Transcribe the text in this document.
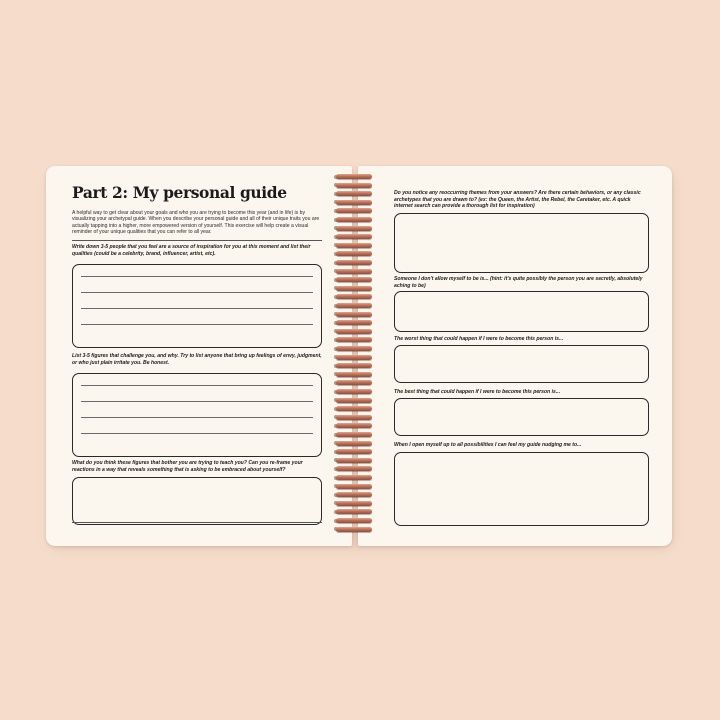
Part 2: My personal guide
A helpful way to get clear about your goals and who you are trying to become this year (and in life) is by visualizing your archetypal guide. When you describe your personal guide and all of their unique traits you are actually tapping into a higher, more empowered version of yourself. This exercise will help create a visual reminder of your unique qualities that you can refer to all year.
Write down 3-5 people that you feel are a source of inspiration for you at this moment and list their qualities (could be a celebrity, brand, influencer, artist, etc).
List 3-5 figures that challenge you, and why. Try to list anyone that bring up feelings of envy, judgment, or who just plain irritate you. Be honest.
What do you think these figures that bother you are trying to teach you? Can you re-frame your reactions in a way that reveals something that is asking to be embraced about yourself?
Do you notice any reoccurring themes from your answers? Are there certain behaviors, or any classic archetypes that you are drawn to? (ex: the Queen, the Artist, the Rebel, the Caretaker, etc. A quick internet search can provide a thorough list for inspiration)
Someone I don't allow myself to be is... (hint: it's quite possibly the person you are secretly, absolutely aching to be)
The worst thing that could happen if I were to become this person is...
The best thing that could happen if I were to become this person is...
When I open myself up to all possibilities I can feel my guide nudging me to...
